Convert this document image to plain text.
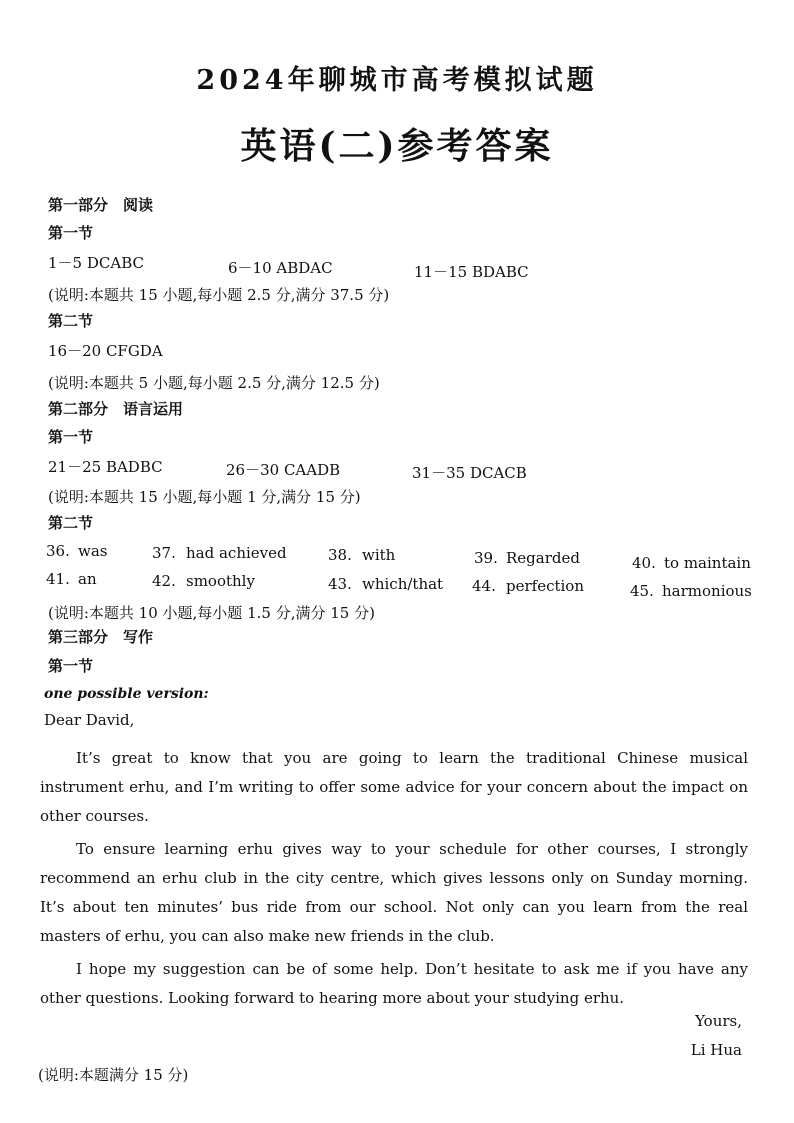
2024年聊城市高考模拟试题
英语(二)参考答案
第一部分　阅读
第一节
1－5 DCABC	6－10 ABDAC	11－15 BDABC
(说明:本题共 15 小题,每小题 2.5 分,满分 37.5 分)
第二节
16－20 CFGDA
(说明:本题共 5 小题,每小题 2.5 分,满分 12.5 分)
第二部分　语言运用
第一节
21－25 BADBC	26－30 CAADB	31－35 DCACB
(说明:本题共 15 小题,每小题 1 分,满分 15 分)
第二节
36. was	37. had achieved	38. with	39. Regarded	40. to maintain
41. an	42. smoothly	43. which/that 44. perfection	45. harmonious
(说明:本题共 10 小题,每小题 1.5 分,满分 15 分)
第三部分　写作
第一节
one possible version:
Dear David,

It’s great to know that you are going to learn the traditional Chinese musical instrument erhu, and I’m writing to offer some advice for your concern about the impact on other courses.

To ensure learning erhu gives way to your schedule for other courses, I strongly recommend an erhu club in the city centre, which gives lessons only on Sunday morning. It’s about ten minutes’ bus ride from our school. Not only can you learn from the real masters of erhu, you can also make new friends in the club.

I hope my suggestion can be of some help. Don’t hesitate to ask me if you have any other questions. Looking forward to hearing more about your studying erhu.

Yours,
Li Hua
(说明:本题满分 15 分)
